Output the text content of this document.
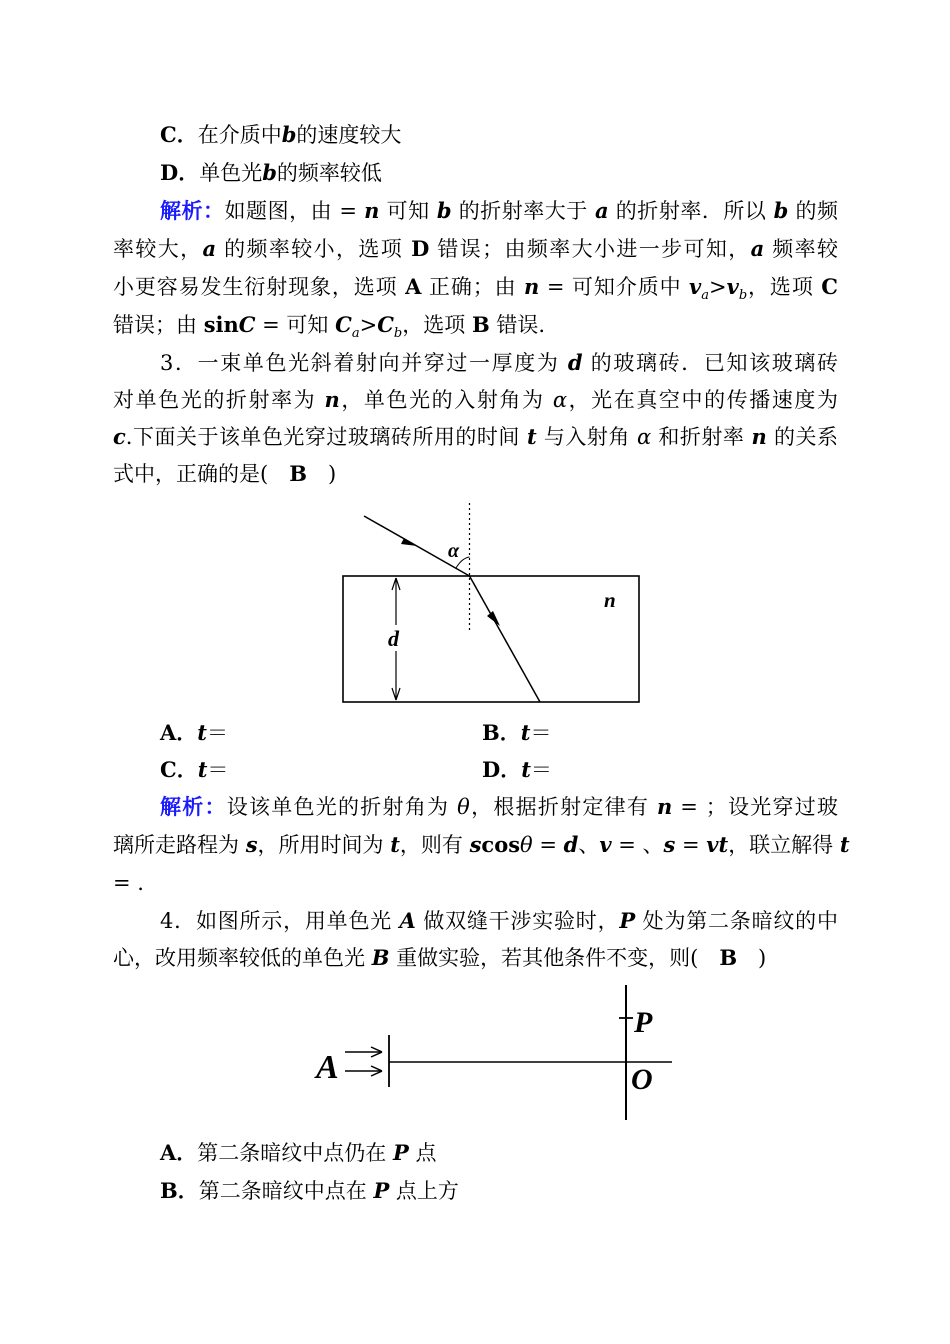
C．在介质中b的速度较大
D．单色光b的频率较低
解析：如题图，由 = n 可知 b 的折射率大于 a 的折射率．所以 b 的频
率较大，a 的频率较小，选项 D 错误；由频率大小进一步可知，a 频率较
小更容易发生衍射现象，选项 A 正确；由 n = 可知介质中 $v_a>v_b$，选项 C
错误；由 sinC = 可知 $C_a>C_b$，选项 B 错误.
3．一束单色光斜着射向并穿过一厚度为 d 的玻璃砖．已知该玻璃砖
对单色光的折射率为 n，单色光的入射角为 α，光在真空中的传播速度为
c.下面关于该单色光穿过玻璃砖所用的时间 t 与入射角 α 和折射率 n 的关系
式中，正确的是(　B　)
α
n
d
A．t＝	B．t＝
C．t＝	D．t＝
解析：设该单色光的折射角为 θ，根据折射定律有 n = ；设光穿过玻
璃所走路程为 s，所用时间为 t，则有 scosθ = d、v = 、s = vt，联立解得 t
= .
4．如图所示，用单色光 A 做双缝干涉实验时，P 处为第二条暗纹的中
心，改用频率较低的单色光 B 重做实验，若其他条件不变，则(　B　)
A
P
O
A．第二条暗纹中点仍在 P 点
B．第二条暗纹中点在 P 点上方
